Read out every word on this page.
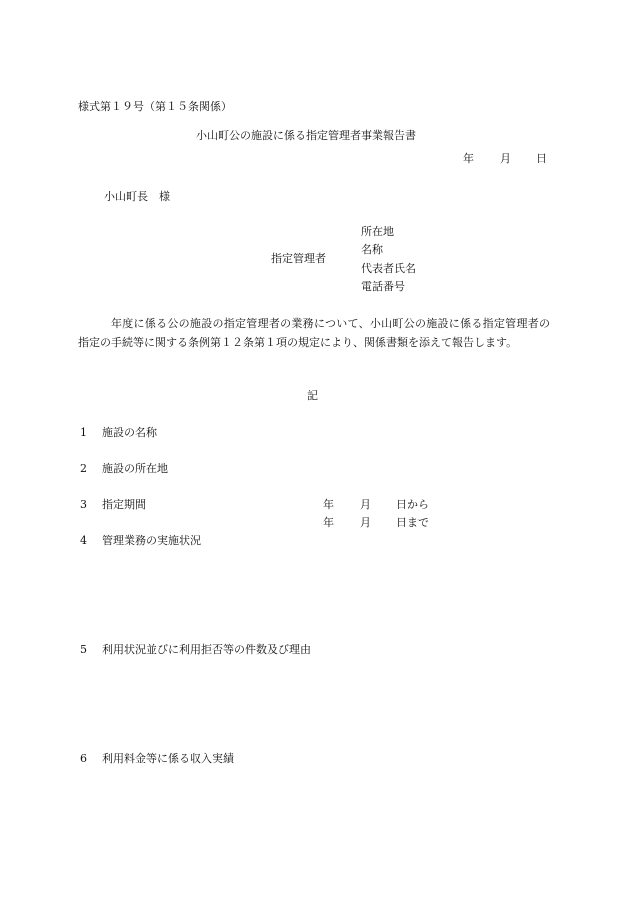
様式第１９号（第１５条関係）
小山町公の施設に係る指定管理者事業報告書
年 月 日
小山町長　様
指定管理者
所在地
名称
代表者氏名
電話番号
年度に係る公の施設の指定管理者の業務について、小山町公の施設に係る指定管理者の指定の手続等に関する条例第１２条第１項の規定により、関係書類を添えて報告します。
記
1 施設の名称
2 施設の所在地
3 指定期間	年 月 日から
年 月 日まで
4 管理業務の実施状況
5 利用状況並びに利用拒否等の件数及び理由
6 利用料金等に係る収入実績
